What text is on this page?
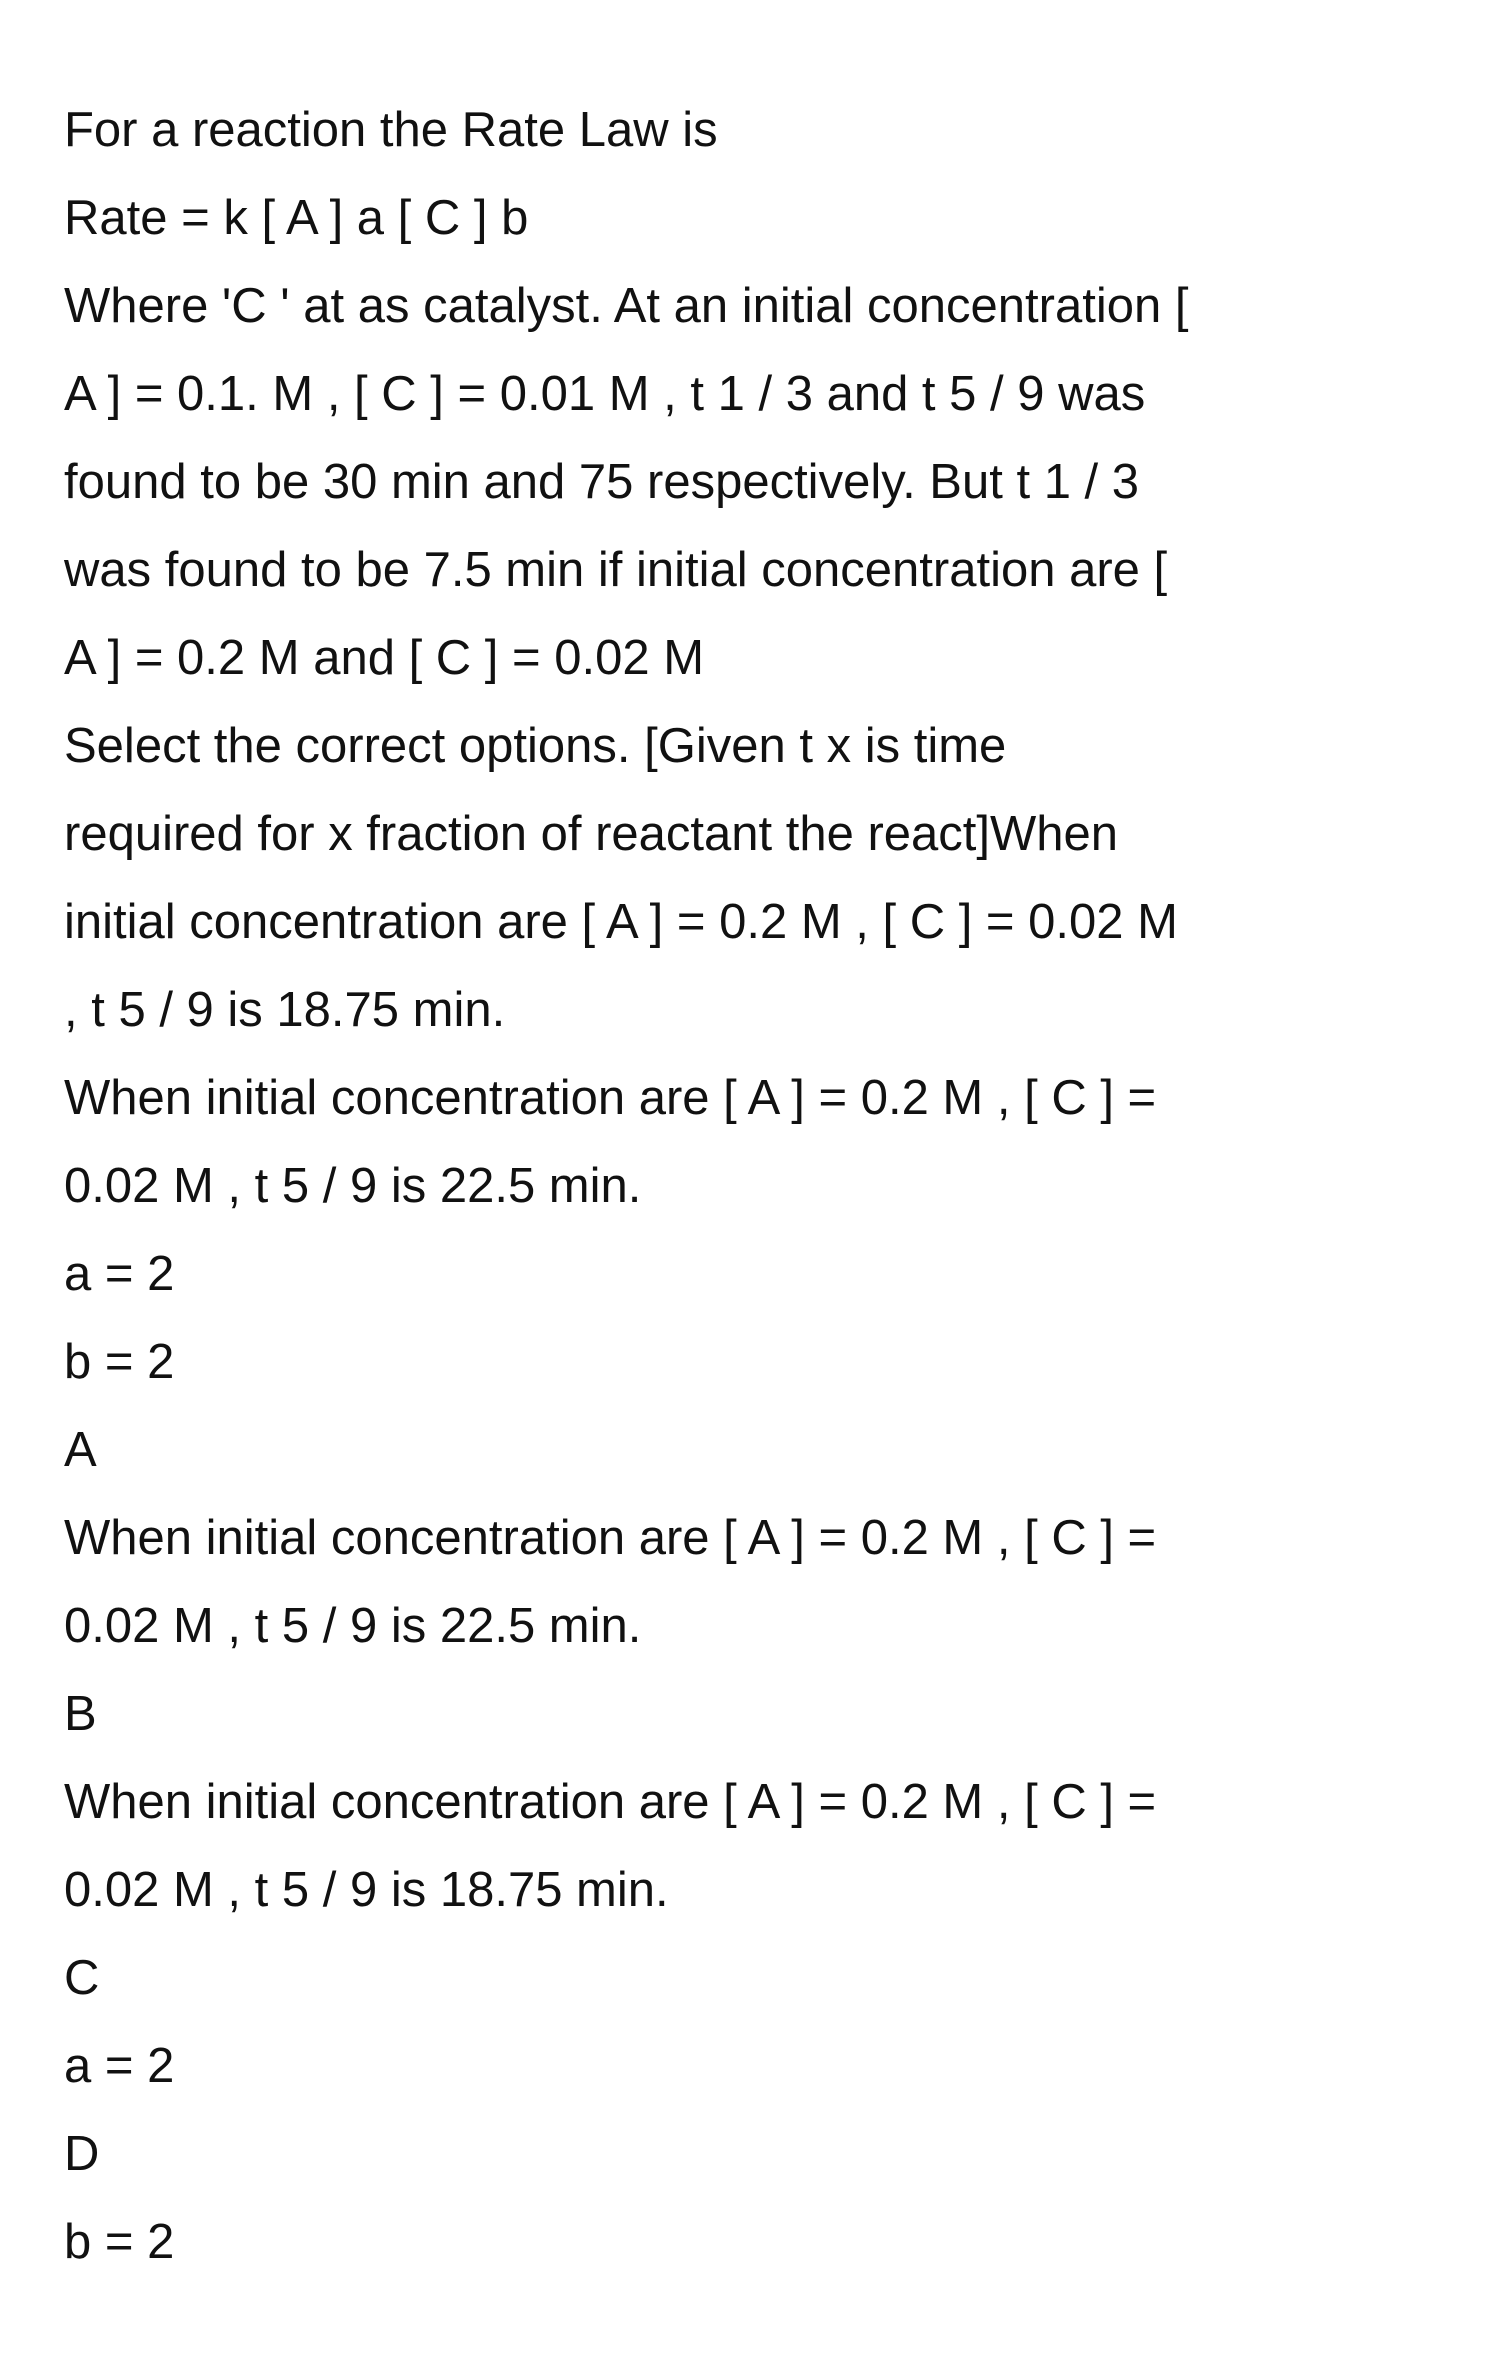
For a reaction the Rate Law is
Rate = k [ A ] a [ C ] b
Where 'C ' at as catalyst. At an initial concentration [
A ] = 0.1. M , [ C ] = 0.01 M , t 1 / 3 and t 5 / 9 was
found to be 30 min and 75 respectively. But t 1 / 3
was found to be 7.5 min if initial concentration are [
A ] = 0.2 M and [ C ] = 0.02 M
Select the correct options. [Given t x is time
required for x fraction of reactant the react]When
initial concentration are [ A ] = 0.2 M , [ C ] = 0.02 M
, t 5 / 9 is 18.75 min.
When initial concentration are [ A ] = 0.2 M , [ C ] =
0.02 M , t 5 / 9 is 22.5 min.
a = 2
b = 2
A
When initial concentration are [ A ] = 0.2 M , [ C ] =
0.02 M , t 5 / 9 is 22.5 min.
B
When initial concentration are [ A ] = 0.2 M , [ C ] =
0.02 M , t 5 / 9 is 18.75 min.
C
a = 2
D
b = 2
